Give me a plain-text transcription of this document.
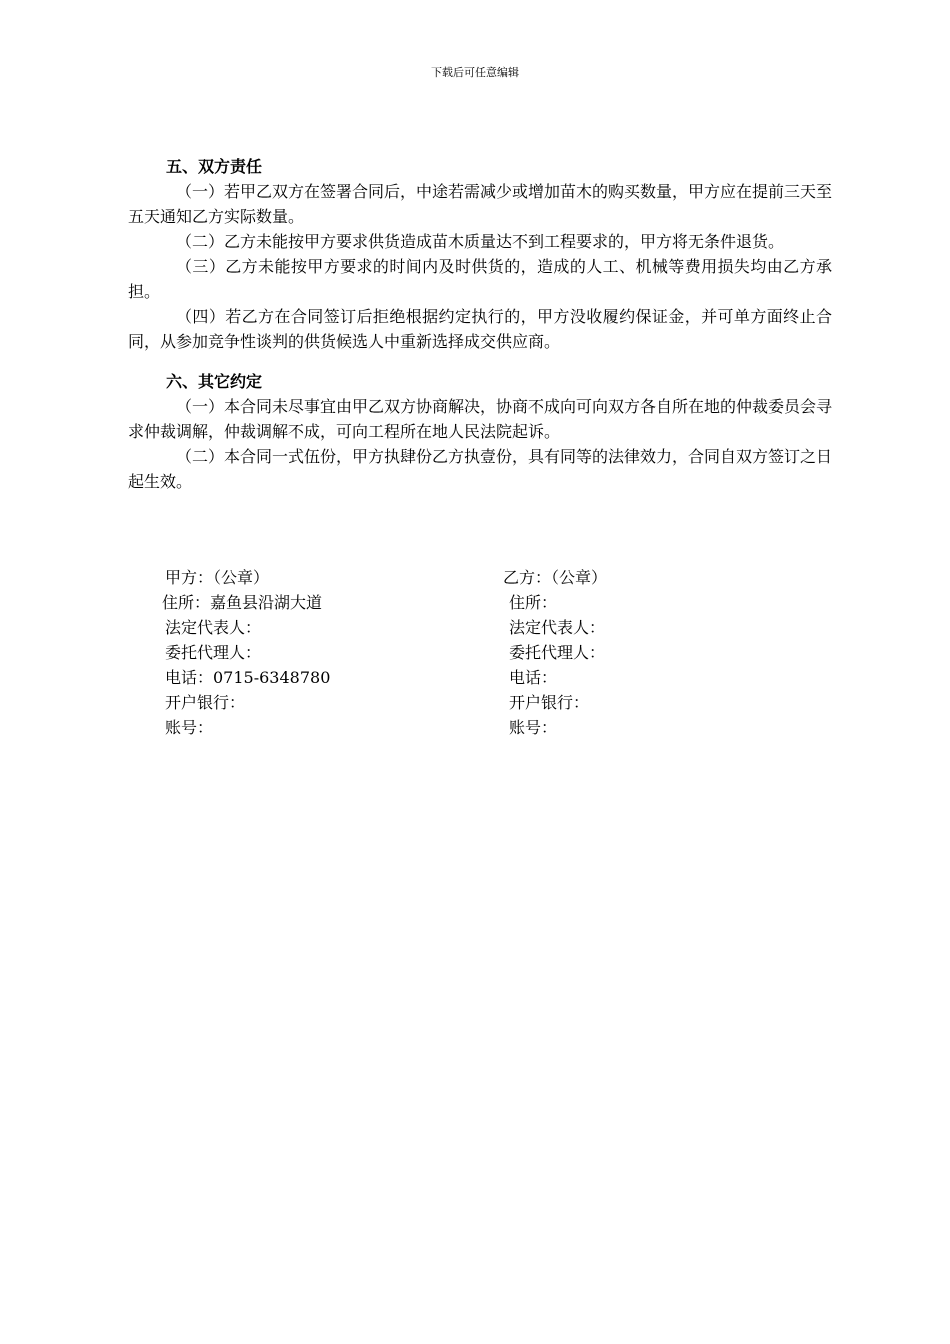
下载后可任意编辑
五、双方责任

（一）若甲乙双方在签署合同后，中途若需减少或增加苗木的购买数量，甲方应在提前三天至五天通知乙方实际数量。

（二）乙方未能按甲方要求供货造成苗木质量达不到工程要求的，甲方将无条件退货。

（三）乙方未能按甲方要求的时间内及时供货的，造成的人工、机械等费用损失均由乙方承担。

（四）若乙方在合同签订后拒绝根据约定执行的，甲方没收履约保证金，并可单方面终止合同，从参加竞争性谈判的供货候选人中重新选择成交供应商。

六、其它约定

（一）本合同未尽事宜由甲乙双方协商解决，协商不成向可向双方各自所在地的仲裁委员会寻求仲裁调解，仲裁调解不成，可向工程所在地人民法院起诉。

（二）本合同一式伍份，甲方执肆份乙方执壹份，具有同等的法律效力，合同自双方签订之日起生效。

甲方：（公章）
住所：嘉鱼县沿湖大道
法定代表人：
委托代理人：
电话：0715-6348780
开户银行：
账号：
乙方：（公章）
住所：
法定代表人：
委托代理人：
电话：
开户银行：
账号：
